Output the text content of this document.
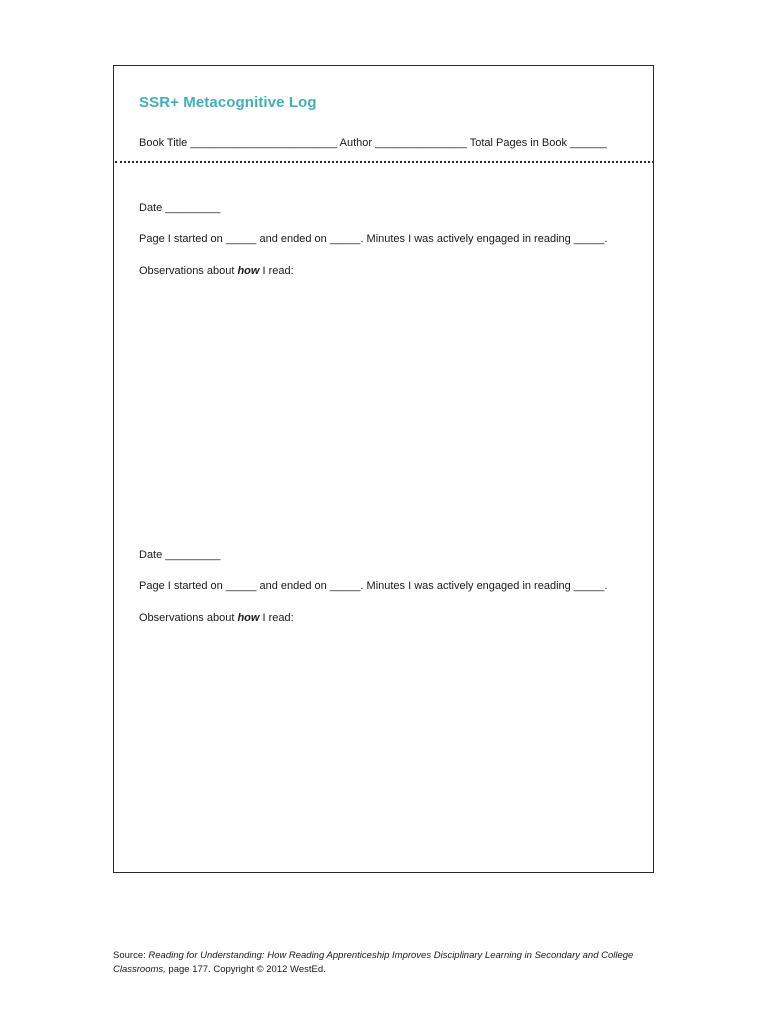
SSR+ Metacognitive Log
Book Title ________________________ Author _______________ Total Pages in Book ______
Date _________
Page I started on _____ and ended on _____. Minutes I was actively engaged in reading _____.
Observations about how I read:
Date _________
Page I started on _____ and ended on _____. Minutes I was actively engaged in reading _____.
Observations about how I read:
Source: Reading for Understanding: How Reading Apprenticeship Improves Disciplinary Learning in Secondary and College Classrooms, page 177. Copyright © 2012 WestEd.
